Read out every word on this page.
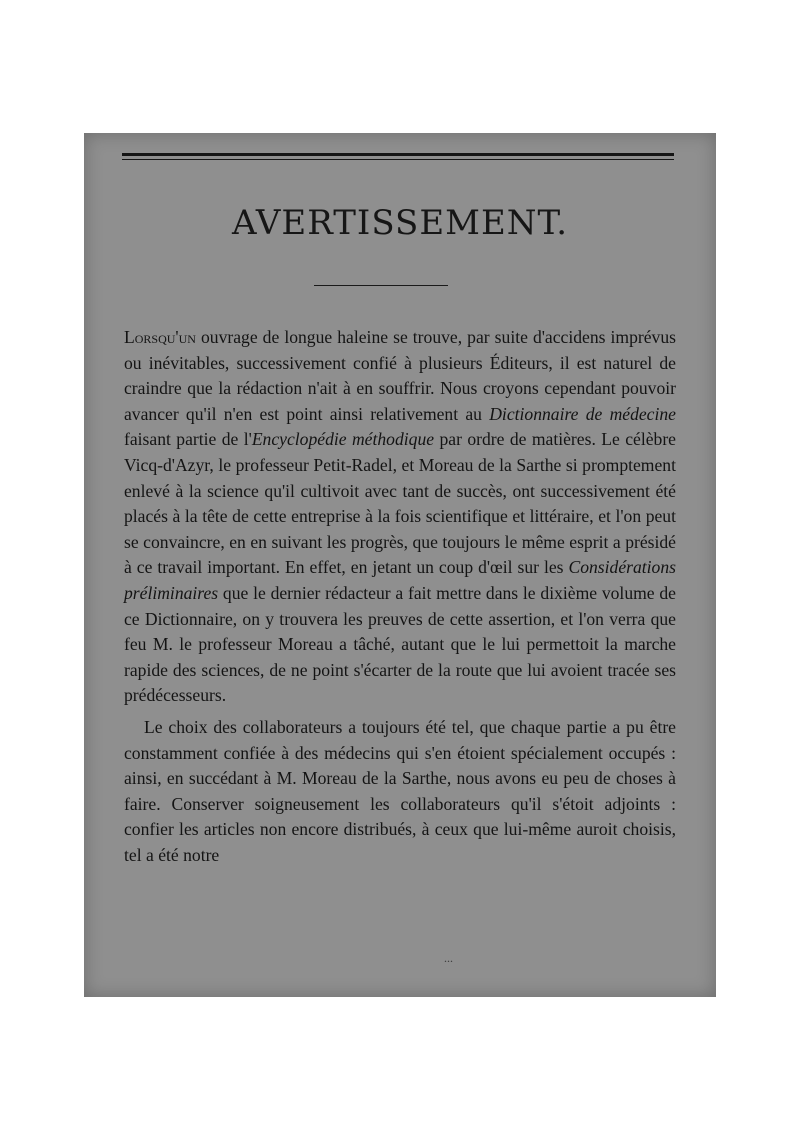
AVERTISSEMENT.

Lorsqu'un ouvrage de longue haleine se trouve, par suite d'accidens imprévus ou inévitables, successivement confié à plusieurs Éditeurs, il est naturel de craindre que la rédaction n'ait à en souffrir. Nous croyons cependant pouvoir avancer qu'il n'en est point ainsi relativement au Dictionnaire de médecine faisant partie de l'Encyclopédie méthodique par ordre de matières. Le célèbre Vicq-d'Azyr, le professeur Petit-Radel, et Moreau de la Sarthe si promptement enlevé à la science qu'il cultivoit avec tant de succès, ont successivement été placés à la tête de cette entreprise à la fois scientifique et littéraire, et l'on peut se convaincre, en en suivant les progrès, que toujours le même esprit a présidé à ce travail important. En effet, en jetant un coup d'œil sur les Considérations préliminaires que le dernier rédacteur a fait mettre dans le dixième volume de ce Dictionnaire, on y trouvera les preuves de cette assertion, et l'on verra que feu M. le professeur Moreau a tâché, autant que le lui permettoit la marche rapide des sciences, de ne point s'écarter de la route que lui avoient tracée ses prédécesseurs.

Le choix des collaborateurs a toujours été tel, que chaque partie a pu être constamment confiée à des médecins qui s'en étoient spécialement occupés : ainsi, en succédant à M. Moreau de la Sarthe, nous avons eu peu de choses à faire. Conserver soigneusement les collaborateurs qu'il s'étoit adjoints : confier les articles non encore distribués, à ceux que lui-même auroit choisis, tel a été notre

...
